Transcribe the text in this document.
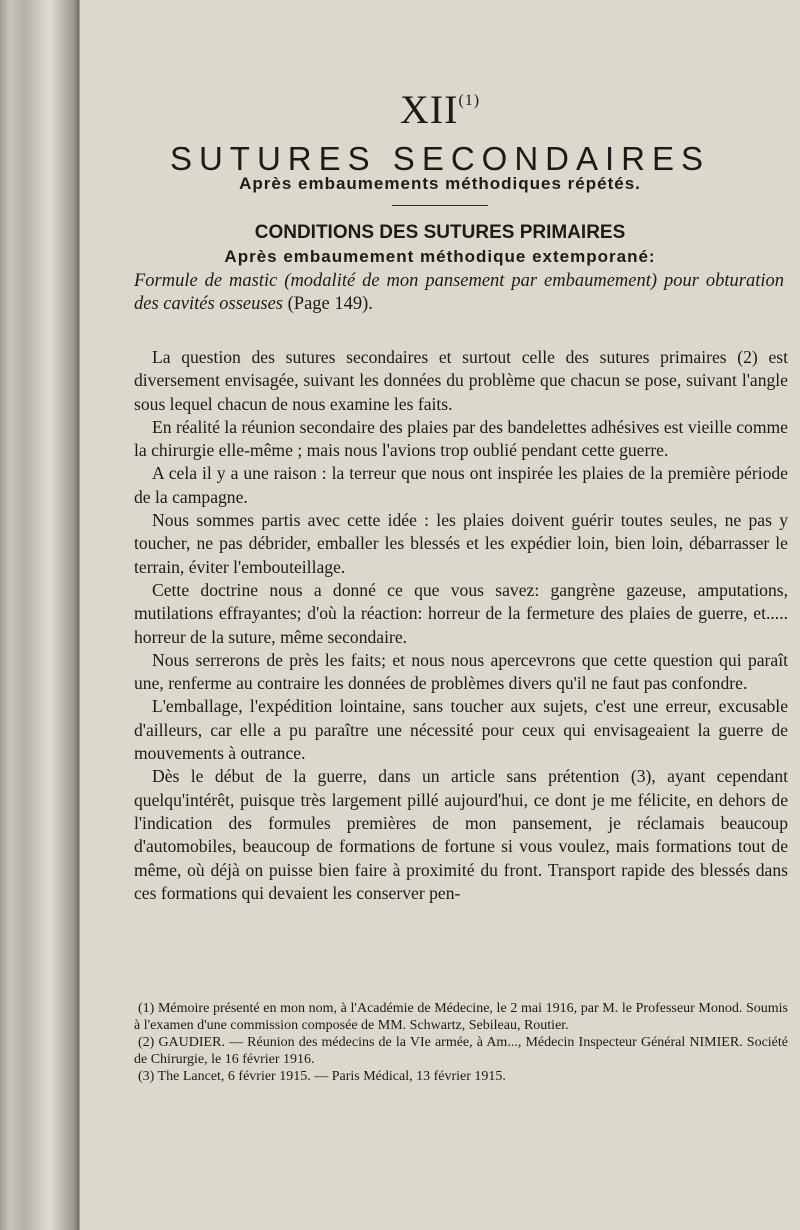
XII$^{(1)}$
SUTURES SECONDAIRES
Après embaumements méthodiques répétés.
CONDITIONS DES SUTURES PRIMAIRES
Après embaumement méthodique extemporané:

Formule de mastic (modalité de mon pansement par embaumement) pour obturation des cavités osseuses (Page 149).

La question des sutures secondaires et surtout celle des sutures primaires (2) est diversement envisagée, suivant les données du problème que chacun se pose, suivant l'angle sous lequel chacun de nous examine les faits.

En réalité la réunion secondaire des plaies par des bandelettes adhésives est vieille comme la chirurgie elle-même ; mais nous l'avions trop oublié pendant cette guerre.

A cela il y a une raison : la terreur que nous ont inspirée les plaies de la première période de la campagne.

Nous sommes partis avec cette idée : les plaies doivent guérir toutes seules, ne pas y toucher, ne pas débrider, emballer les blessés et les expédier loin, bien loin, débarrasser le terrain, éviter l'embouteillage.

Cette doctrine nous a donné ce que vous savez: gangrène gazeuse, amputations, mutilations effrayantes; d'où la réaction: horreur de la fermeture des plaies de guerre, et..... horreur de la suture, même secondaire.

Nous serrerons de près les faits; et nous nous apercevrons que cette question qui paraît une, renferme au contraire les données de problèmes divers qu'il ne faut pas confondre.

L'emballage, l'expédition lointaine, sans toucher aux sujets, c'est une erreur, excusable d'ailleurs, car elle a pu paraître une nécessité pour ceux qui envisageaient la guerre de mouvements à outrance.

Dès le début de la guerre, dans un article sans prétention (3), ayant cependant quelqu'intérêt, puisque très largement pillé aujourd'hui, ce dont je me félicite, en dehors de l'indication des formules premières de mon pansement, je réclamais beaucoup d'automobiles, beaucoup de formations de fortune si vous voulez, mais formations tout de même, où déjà on puisse bien faire à proximité du front. Transport rapide des blessés dans ces formations qui devaient les conserver pen-

(1) Mémoire présenté en mon nom, à l'Académie de Médecine, le 2 mai 1916, par M. le Professeur Monod. Soumis à l'examen d'une commission composée de MM. Schwartz, Sebileau, Routier.

(2) GAUDIER. — Réunion des médecins de la VIe armée, à Am..., Médecin Inspecteur Général NIMIER. Société de Chirurgie, le 16 février 1916.

(3) The Lancet, 6 février 1915. — Paris Médical, 13 février 1915.
